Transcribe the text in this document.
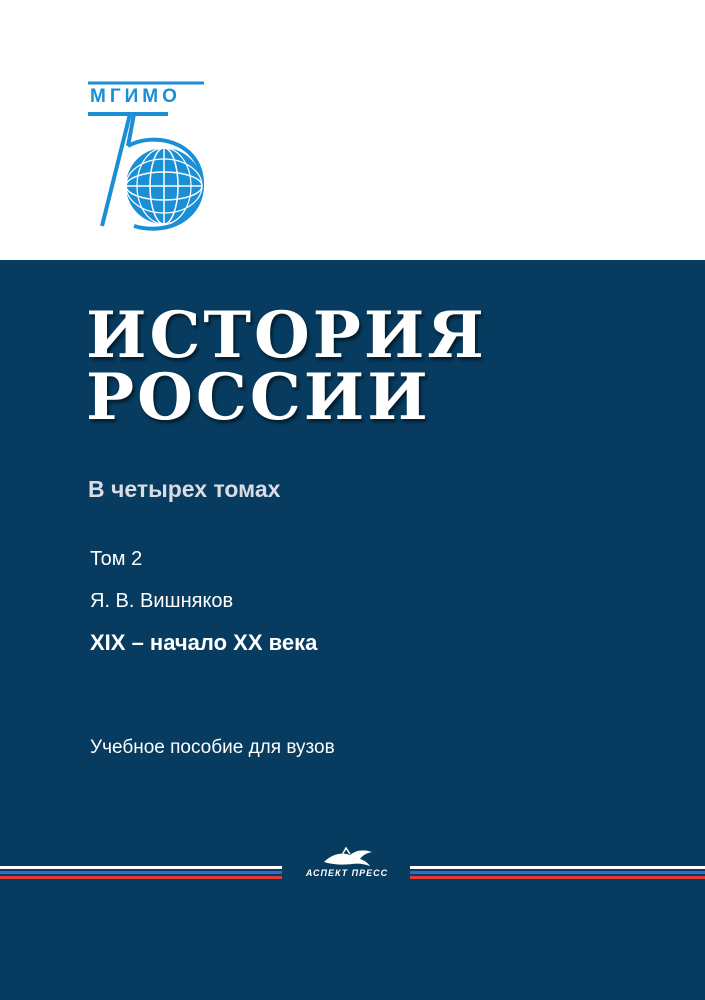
МГИМО
ИСТОРИЯ
РОССИИ
В четырех томах
Том 2
Я. В. Вишняков
XIX – начало XX века
Учебное пособие для вузов
АСПЕКТ ПРЕСС
